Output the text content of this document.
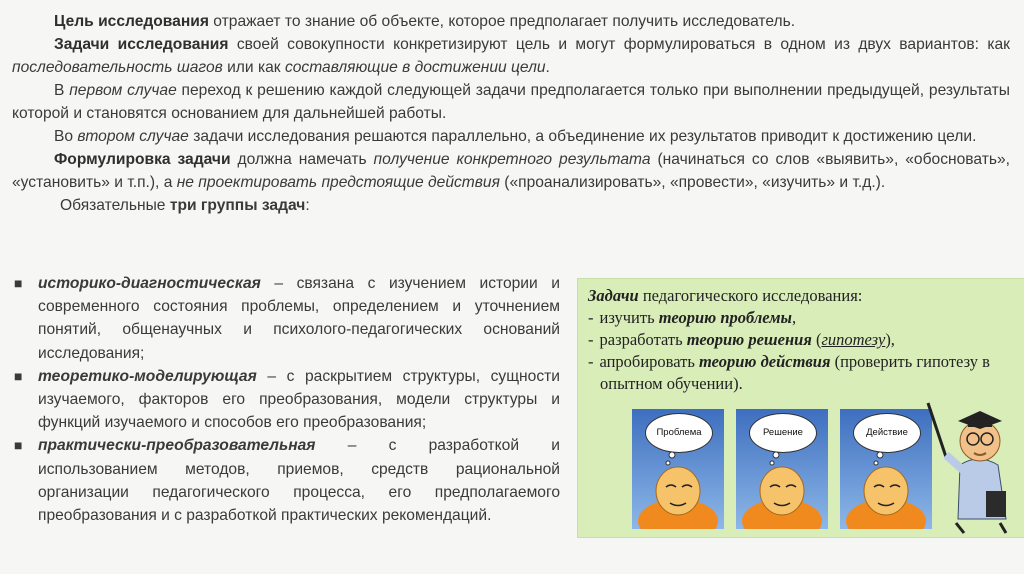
Цель исследования отражает то знание об объекте, которое предполагает получить исследователь.

Задачи исследования своей совокупности конкретизируют цель и могут формулироваться в одном из двух вариантов: как последовательность шагов или как составляющие в достижении цели.

В первом случае переход к решению каждой следующей задачи предполагается только при выполнении предыдущей, результаты которой и становятся основанием для дальнейшей работы.

Во втором случае задачи исследования решаются параллельно, а объединение их результатов приводит к достижению цели.

Формулировка задачи должна намечать получение конкретного результата (начинаться со слов «выявить», «обосновать», «установить» и т.п.), а не проектировать предстоящие действия («проанализировать», «провести», «изучить» и т.д.).

Обязательные три группы задач:

■ историко-диагностическая – связана с изучением истории и современного состояния проблемы, определением и уточнением понятий, общенаучных и психолого-педагогических оснований исследования;
■ теоретико-моделирующая – с раскрытием структуры, сущности изучаемого, факторов его преобразования, модели структуры и функций изучаемого и способов его преобразования;
■ практически-преобразовательная – с разработкой и использованием методов, приемов, средств рациональной организации педагогического процесса, его предполагаемого преобразования и с разработкой практических рекомендаций.
Задачи педагогического исследования:
- изучить теорию проблемы,
- разработать теорию решения (гипотезу),
- апробировать теорию действия (проверить гипотезу в опытном обучении).
Проблема	Решение	Действие
